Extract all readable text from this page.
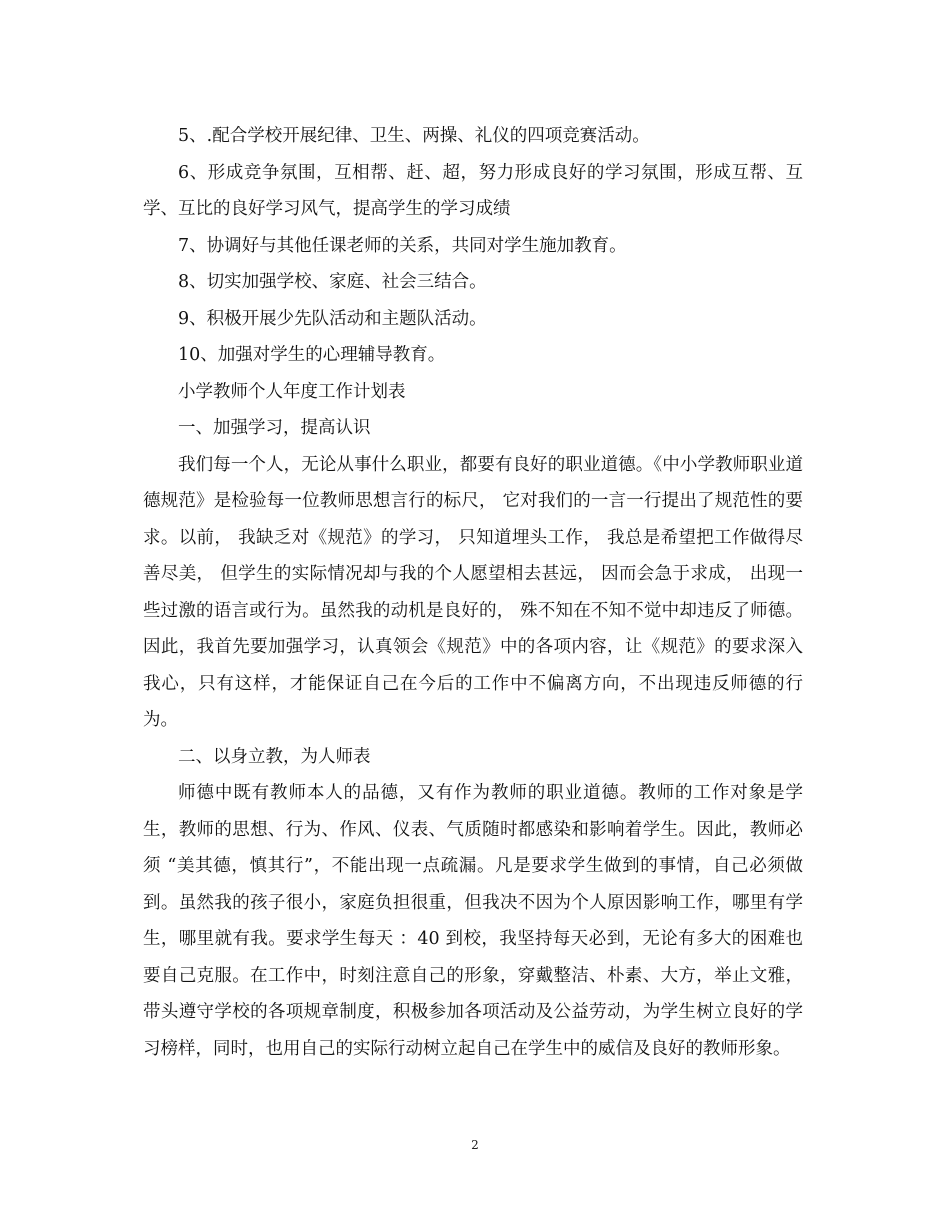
5、.配合学校开展纪律、卫生、两操、礼仪的四项竞赛活动。

6、形成竞争氛围，互相帮、赶、超，努力形成良好的学习氛围，形成互帮、互学、互比的良好学习风气，提高学生的学习成绩

7、协调好与其他任课老师的关系，共同对学生施加教育。

8、切实加强学校、家庭、社会三结合。

9、积极开展少先队活动和主题队活动。

10、加强对学生的心理辅导教育。

小学教师个人年度工作计划表

一、加强学习，提高认识

我们每一个人，无论从事什么职业，都要有良好的职业道德。《中小学教师职业道德规范》是检验每一位教师思想言行的标尺， 它对我们的一言一行提出了规范性的要求。以前， 我缺乏对《规范》的学习， 只知道埋头工作， 我总是希望把工作做得尽善尽美， 但学生的实际情况却与我的个人愿望相去甚远， 因而会急于求成， 出现一些过激的语言或行为。虽然我的动机是良好的， 殊不知在不知不觉中却违反了师德。因此，我首先要加强学习，认真领会《规范》中的各项内容，让《规范》的要求深入我心，只有这样，才能保证自己在今后的工作中不偏离方向，不出现违反师德的行为。

二、以身立教，为人师表

师德中既有教师本人的品德，又有作为教师的职业道德。教师的工作对象是学生，教师的思想、行为、作风、仪表、气质随时都感染和影响着学生。因此，教师必须 “美其德，慎其行”，不能出现一点疏漏。凡是要求学生做到的事情，自己必须做到。虽然我的孩子很小，家庭负担很重，但我决不因为个人原因影响工作，哪里有学生，哪里就有我。要求学生每天 ：40 到校，我坚持每天必到，无论有多大的困难也要自己克服。在工作中，时刻注意自己的形象，穿戴整洁、朴素、大方，举止文雅，带头遵守学校的各项规章制度，积极参加各项活动及公益劳动，为学生树立良好的学习榜样，同时，也用自己的实际行动树立起自己在学生中的威信及良好的教师形象。

2
